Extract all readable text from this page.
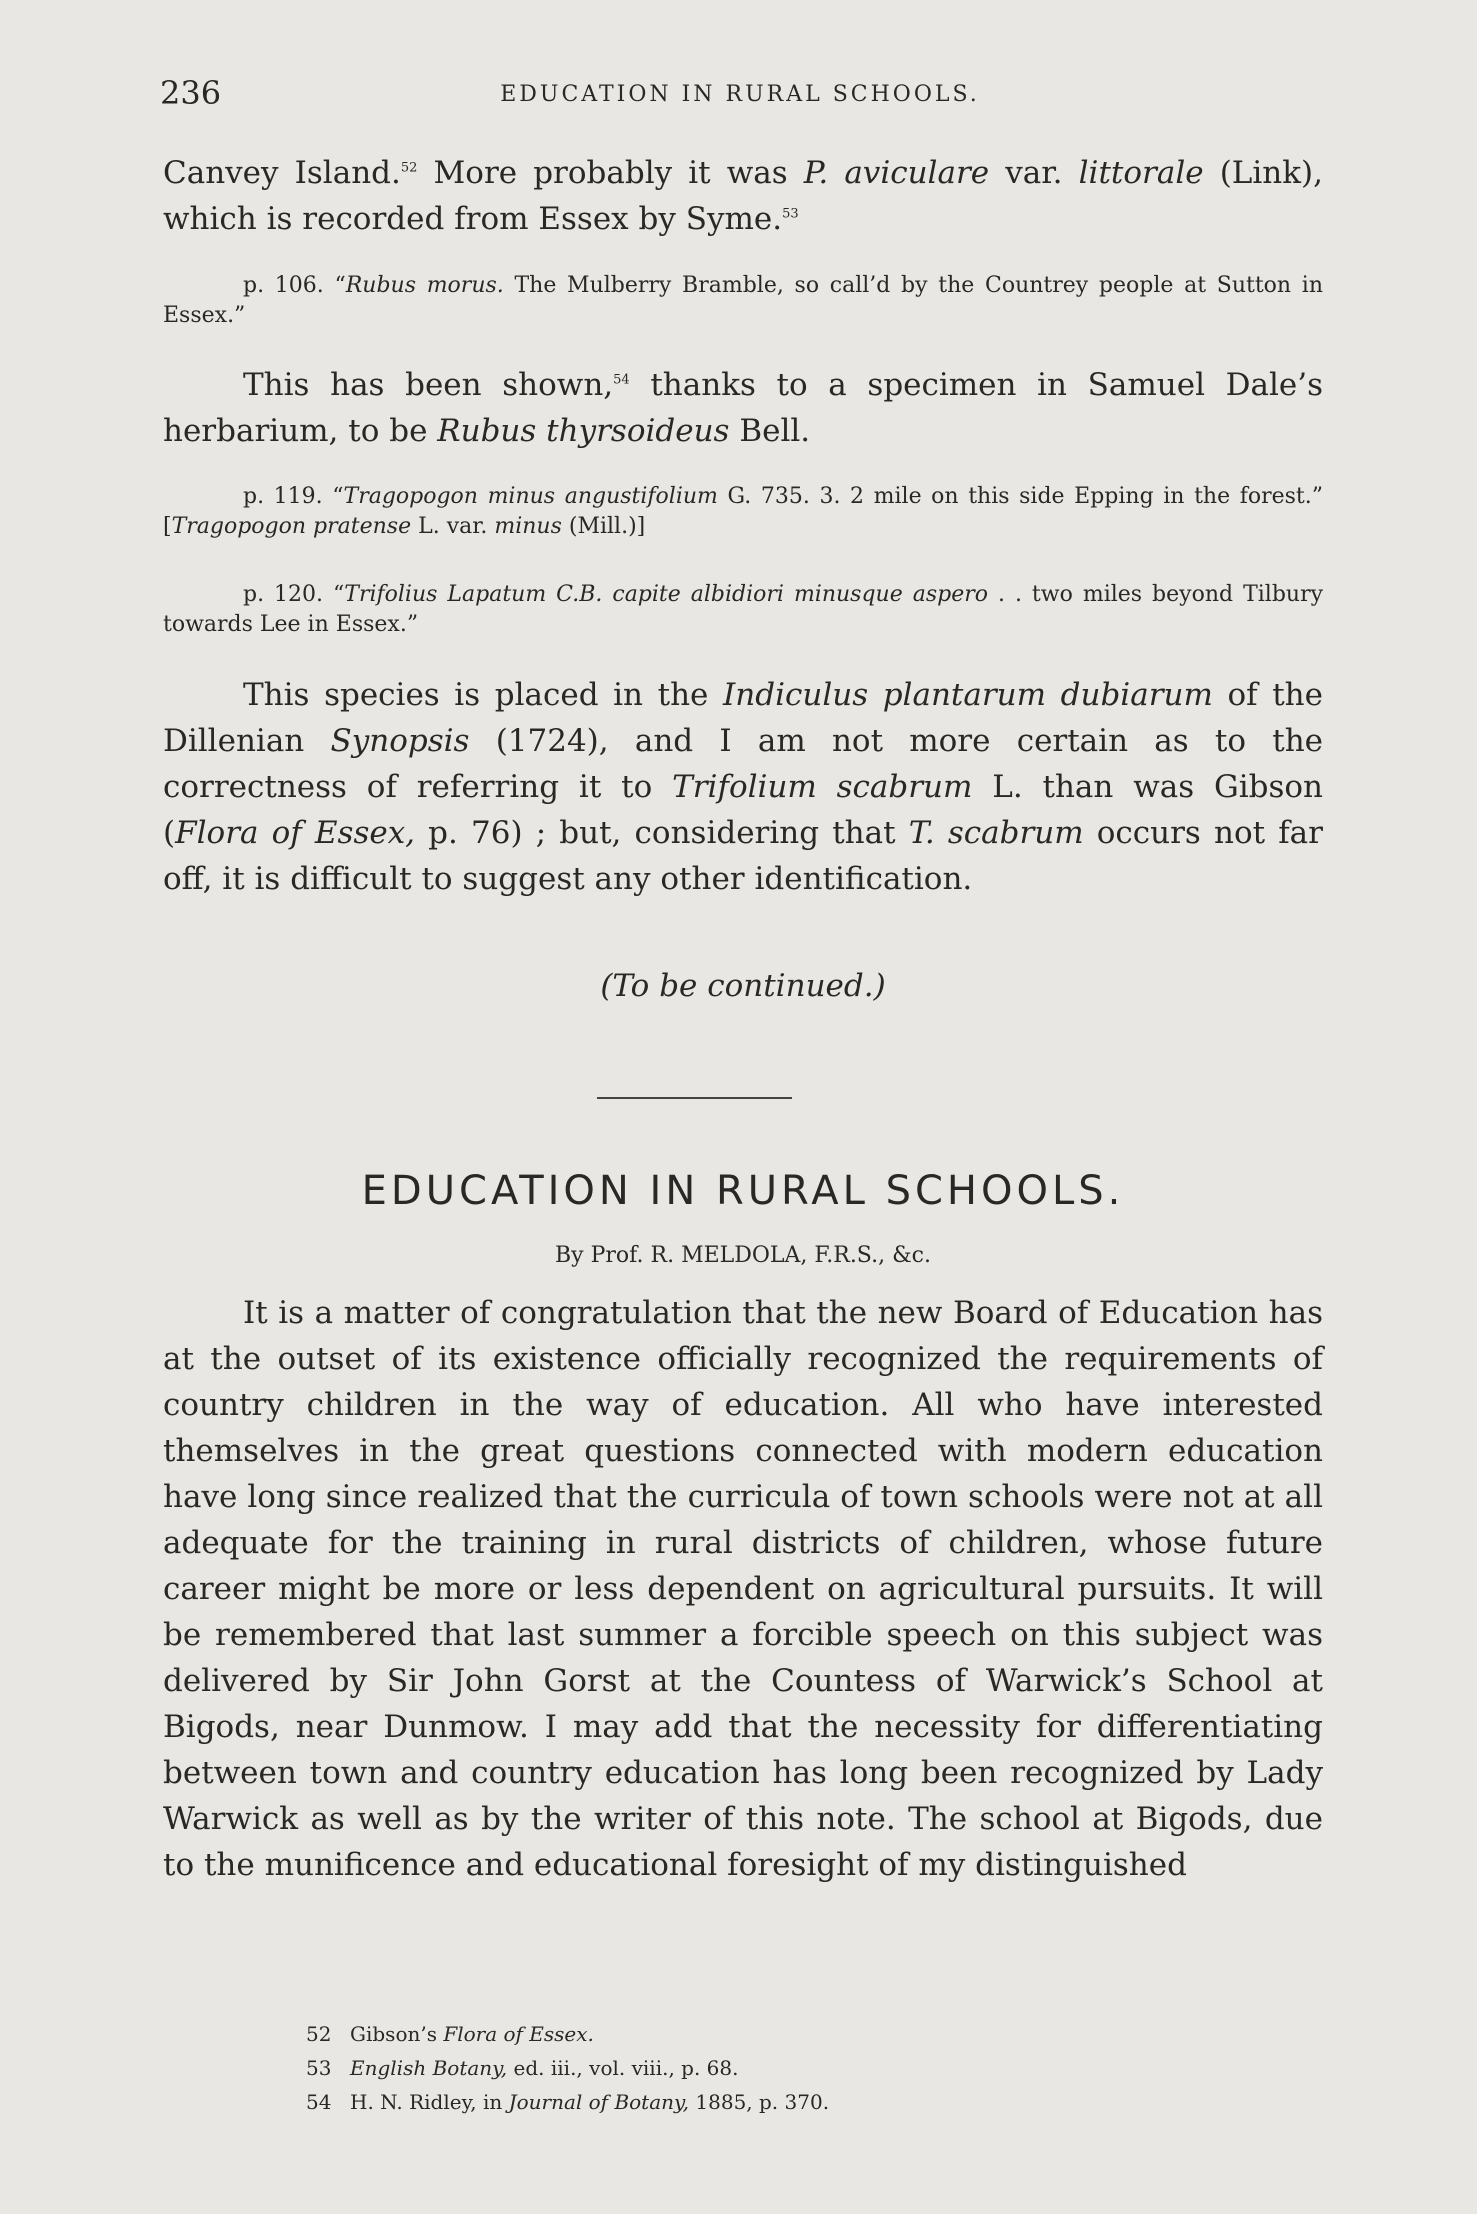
236	EDUCATION IN RURAL SCHOOLS.

Canvey Island.$^{52}$ More probably it was P. aviculare var. littorale (Link), which is recorded from Essex by Syme.$^{53}$

p. 106. “Rubus morus. The Mulberry Bramble, so call’d by the Countrey people at Sutton in Essex.”

This has been shown,$^{54}$ thanks to a specimen in Samuel Dale’s herbarium, to be Rubus thyrsoideus Bell.

p. 119. “Tragopogon minus angustifolium G. 735. 3. 2 mile on this side Epping in the forest.” [Tragopogon pratense L. var. minus (Mill.)]

p. 120. “Trifolius Lapatum C.B. capite albidiori minusque aspero . . two miles beyond Tilbury towards Lee in Essex.”

This species is placed in the Indiculus plantarum dubiarum of the Dillenian Synopsis (1724), and I am not more certain as to the correctness of referring it to Trifolium scabrum L. than was Gibson (Flora of Essex, p. 76) ; but, considering that T. scabrum occurs not far off, it is difficult to suggest any other identification.

(To be continued.)

EDUCATION IN RURAL SCHOOLS.
By Prof. R. MELDOLA, F.R.S., &c.

It is a matter of congratulation that the new Board of Education has at the outset of its existence officially recognized the requirements of country children in the way of education. All who have interested themselves in the great questions connected with modern education have long since realized that the curricula of town schools were not at all adequate for the training in rural districts of children, whose future career might be more or less dependent on agricultural pursuits. It will be remembered that last summer a forcible speech on this subject was delivered by Sir John Gorst at the Countess of Warwick’s School at Bigods, near Dunmow. I may add that the necessity for differentiating between town and country education has long been recognized by Lady Warwick as well as by the writer of this note. The school at Bigods, due to the munificence and educational foresight of my distinguished

52 Gibson’s Flora of Essex.
53 English Botany, ed. iii., vol. viii., p. 68.
54 H. N. Ridley, in Journal of Botany, 1885, p. 370.
